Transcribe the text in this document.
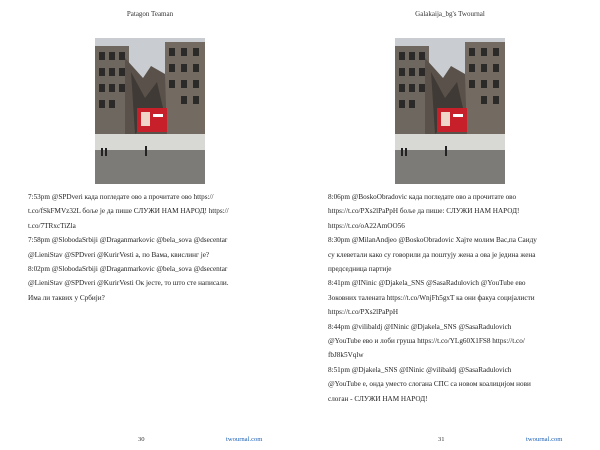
Patagon Teaman

7:53pm @SPDveri када погледате ово а прочитате ово https://

t.co/fSkFMVz32L боље је да пише СЛУЖИ НАМ НАРОД! https://

t.co/7TRxcTiZla

7:58pm @SlobodaSrbiji @Draganmarkovic @bela_sova @dsecentar

@LieniStav @SPDveri @KurirVesti а, по Вама, квислинг је?

8:02pm @SlobodaSrbiji @Draganmarkovic @bela_sova @dsecentar

@LieniStav @SPDveri @KurirVesti Ок јесте, то што сте написали.

Има ли таквих у Србији?

30	twournal.com
Galakaija_bg's Twournal

8:06pm @BoskoObradovic када погледате ово а прочитате ово

https://t.co/PXs2lPaPpH боље да пише: СЛУЖИ НАМ НАРОД!

https://t.co/oA22AmOO56

8:30pm @MilanAndjeo @BoskoObradovic Хајте молим Вас,па Саиду

су клеветали како су говорили да поштују жена а ова је једина жена

председница партије

8:41pm @INinic @Djakela_SNS @SasaRadulovich @YouTube ево

Зоковних талената https://t.co/WnjFh5gxT ка они факуа социјалисти

https://t.co/PXs2lPaPpH

8:44pm @vilibaldj @INinic @Djakela_SNS @SasaRadulovich

@YouTube ево и лоби груша https://t.co/YLg60X1FS8 https://t.co/

fbJ8k5Vqlw

8:51pm @Djakela_SNS @INinic @vilibaldj @SasaRadulovich

@YouTube е, онда уместо слогана СПС са новом коалицијом нови

слоган - СЛУЖИ НАМ НАРОД!

31	twournal.com
